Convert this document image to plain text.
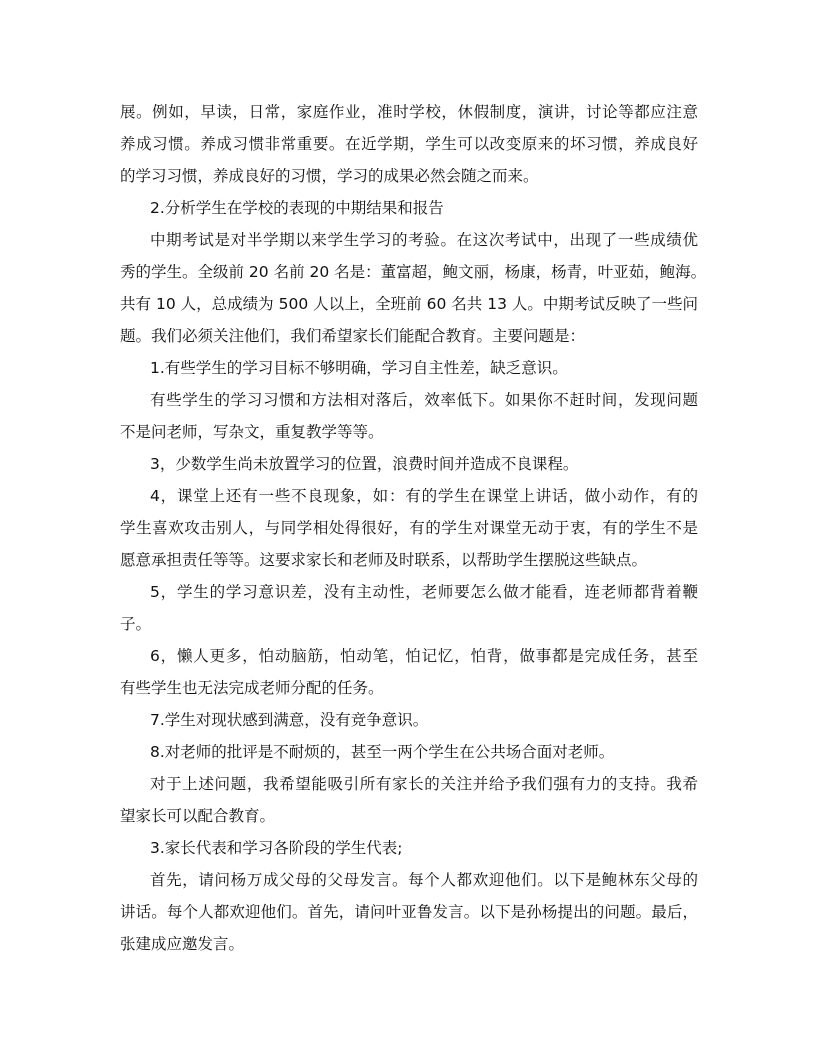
展。例如，早读，日常，家庭作业，准时学校，休假制度，演讲，讨论等都应注意
养成习惯。养成习惯非常重要。在近学期，学生可以改变原来的坏习惯，养成良好
的学习习惯，养成良好的习惯，学习的成果必然会随之而来。
2.分析学生在学校的表现的中期结果和报告
中期考试是对半学期以来学生学习的考验。在这次考试中，出现了一些成绩优
秀的学生。全级前 20 名前 20 名是：董富超，鲍文丽，杨康，杨青，叶亚茹，鲍海。
共有 10 人，总成绩为 500 人以上，全班前 60 名共 13 人。中期考试反映了一些问
题。我们必须关注他们，我们希望家长们能配合教育。主要问题是：
1.有些学生的学习目标不够明确，学习自主性差，缺乏意识。
有些学生的学习习惯和方法相对落后，效率低下。如果你不赶时间，发现问题
不是问老师，写杂文，重复教学等等。
3，少数学生尚未放置学习的位置，浪费时间并造成不良课程。
4，课堂上还有一些不良现象，如：有的学生在课堂上讲话，做小动作，有的
学生喜欢攻击别人，与同学相处得很好，有的学生对课堂无动于衷，有的学生不是
愿意承担责任等等。这要求家长和老师及时联系，以帮助学生摆脱这些缺点。
5，学生的学习意识差，没有主动性，老师要怎么做才能看，连老师都背着鞭
子。
6，懒人更多，怕动脑筋，怕动笔，怕记忆，怕背，做事都是完成任务，甚至
有些学生也无法完成老师分配的任务。
7.学生对现状感到满意，没有竞争意识。
8.对老师的批评是不耐烦的，甚至一两个学生在公共场合面对老师。
对于上述问题，我希望能吸引所有家长的关注并给予我们强有力的支持。我希
望家长可以配合教育。
3.家长代表和学习各阶段的学生代表;
首先，请问杨万成父母的父母发言。每个人都欢迎他们。以下是鲍林东父母的
讲话。每个人都欢迎他们。首先，请问叶亚鲁发言。以下是孙杨提出的问题。最后，
张建成应邀发言。
